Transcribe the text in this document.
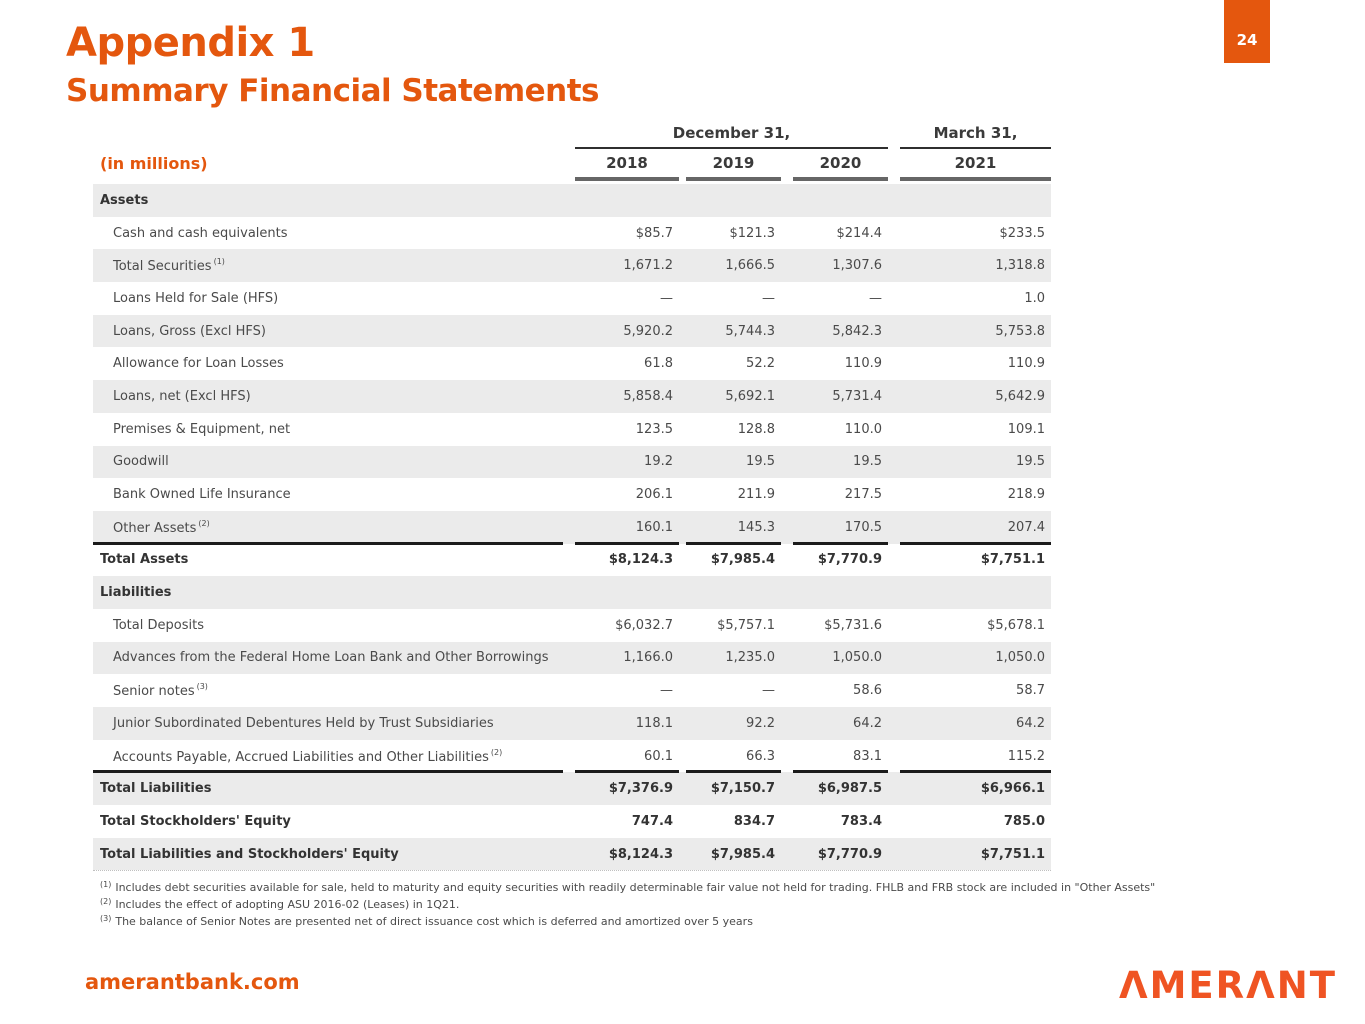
Appendix 1
Summary Financial Statements
24
December 31,	March 31,
(in millions)	2018	2019	2020	2021
Assets
Cash and cash equivalents	$85.7	$121.3	$214.4	$233.5
Total Securities $^{(1)}$	1,671.2	1,666.5	1,307.6	1,318.8
Loans Held for Sale (HFS)	—	—	—	1.0
Loans, Gross (Excl HFS)	5,920.2	5,744.3	5,842.3	5,753.8
Allowance for Loan Losses	61.8	52.2	110.9	110.9
Loans, net (Excl HFS)	5,858.4	5,692.1	5,731.4	5,642.9
Premises & Equipment, net	123.5	128.8	110.0	109.1
Goodwill	19.2	19.5	19.5	19.5
Bank Owned Life Insurance	206.1	211.9	217.5	218.9
Other Assets $^{(2)}$	160.1	145.3	170.5	207.4
Total Assets	$8,124.3	$7,985.4	$7,770.9	$7,751.1
Liabilities
Total Deposits	$6,032.7	$5,757.1	$5,731.6	$5,678.1
Advances from the Federal Home Loan Bank and Other Borrowings	1,166.0	1,235.0	1,050.0	1,050.0
Senior notes $^{(3)}$	—	—	58.6	58.7
Junior Subordinated Debentures Held by Trust Subsidiaries	118.1	92.2	64.2	64.2
Accounts Payable, Accrued Liabilities and Other Liabilities $^{(2)}$	60.1	66.3	83.1	115.2
Total Liabilities	$7,376.9	$7,150.7	$6,987.5	$6,966.1
Total Stockholders' Equity	747.4	834.7	783.4	785.0
Total Liabilities and Stockholders' Equity	$8,124.3	$7,985.4	$7,770.9	$7,751.1
$^{(1)}$ Includes debt securities available for sale, held to maturity and equity securities with readily determinable fair value not held for trading. FHLB and FRB stock are included in "Other Assets"
$^{(2)}$ Includes the effect of adopting ASU 2016-02 (Leases) in 1Q21.
$^{(3)}$ The balance of Senior Notes are presented net of direct issuance cost which is deferred and amortized over 5 years
amerantbank.com	ΛMERΛNT
